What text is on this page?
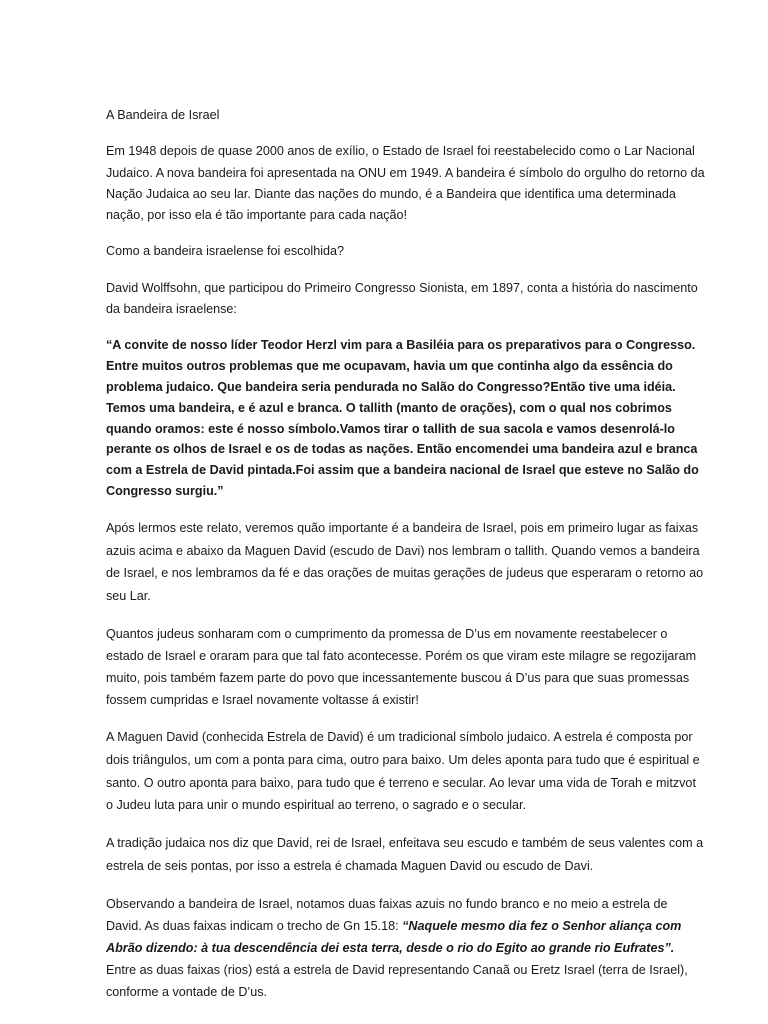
A Bandeira de Israel

Em 1948 depois de quase 2000 anos de exílio, o Estado de Israel foi reestabelecido como o Lar Nacional Judaico. A nova bandeira foi apresentada na ONU em 1949. A bandeira é símbolo do orgulho do retorno da Nação Judaica ao seu lar. Diante das nações do mundo, é a Bandeira que identifica uma determinada nação, por isso ela é tão importante para cada nação!

Como a bandeira israelense foi escolhida?

David Wolffsohn, que participou do Primeiro Congresso Sionista, em 1897, conta a história do nascimento da bandeira israelense:

“A convite de nosso líder Teodor Herzl vim para a Basiléia para os preparativos para o Congresso. Entre muitos outros problemas que me ocupavam, havia um que continha algo da essência do problema judaico. Que bandeira seria pendurada no Salão do Congresso?Então tive uma idéia. Temos uma bandeira, e é azul e branca. O tallith (manto de orações), com o qual nos cobrimos quando oramos: este é nosso símbolo.Vamos tirar o tallith de sua sacola e vamos desenrolá-lo perante os olhos de Israel e os de todas as nações. Então encomendei uma bandeira azul e branca com a Estrela de David pintada.Foi assim que a bandeira nacional de Israel que esteve no Salão do Congresso surgiu.”

Após lermos este relato, veremos quão importante é a bandeira de Israel, pois em primeiro lugar as faixas azuis acima e abaixo da Maguen David (escudo de Davi) nos lembram o tallith. Quando vemos a bandeira de Israel, e nos lembramos da fé e das orações de muitas gerações de judeus que esperaram o retorno ao seu Lar.

Quantos judeus sonharam com o cumprimento da promessa de D’us em novamente reestabelecer o estado de Israel e oraram para que tal fato acontecesse. Porém os que viram este milagre se regozijaram muito, pois também fazem parte do povo que incessantemente buscou á D’us para que suas promessas fossem cumpridas e Israel novamente voltasse á existir!

A Maguen David (conhecida Estrela de David) é um tradicional símbolo judaico. A estrela é composta por dois triângulos, um com a ponta para cima, outro para baixo. Um deles aponta para tudo que é espiritual e santo. O outro aponta para baixo, para tudo que é terreno e secular. Ao levar uma vida de Torah e mitzvot o Judeu luta para unir o mundo espiritual ao terreno, o sagrado e o secular.

A tradição judaica nos diz que David, rei de Israel, enfeitava seu escudo e também de seus valentes com a estrela de seis pontas, por isso a estrela é chamada Maguen David ou escudo de Davi.

Observando a bandeira de Israel, notamos duas faixas azuis no fundo branco e no meio a estrela de David. As duas faixas indicam o trecho de Gn 15.18: “Naquele mesmo dia fez o Senhor aliança com Abrão dizendo: à tua descendência dei esta terra, desde o rio do Egito ao grande rio Eufrates”. Entre as duas faixas (rios) está a estrela de David representando Canaã ou Eretz Israel (terra de Israel), conforme a vontade de D’us.
